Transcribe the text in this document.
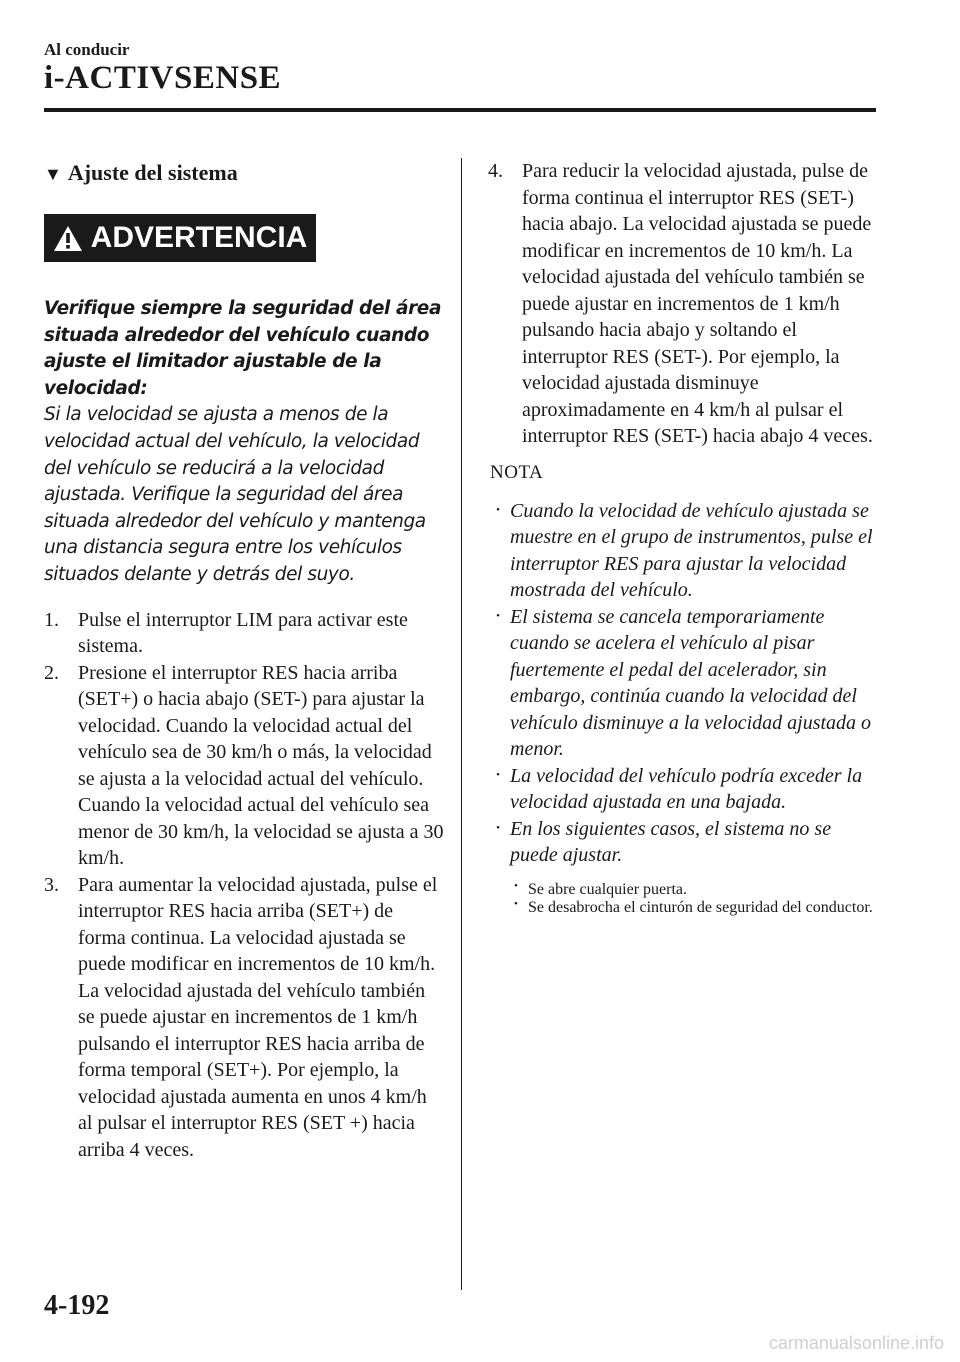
Al conducir
i-ACTIVSENSE
▼ Ajuste del sistema
ADVERTENCIA
Verifique siempre la seguridad del área situada alrededor del vehículo cuando ajuste el limitador ajustable de la velocidad:
Si la velocidad se ajusta a menos de la velocidad actual del vehículo, la velocidad del vehículo se reducirá a la velocidad ajustada. Verifique la seguridad del área situada alrededor del vehículo y mantenga una distancia segura entre los vehículos situados delante y detrás del suyo.
1. Pulse el interruptor LIM para activar este sistema.
2. Presione el interruptor RES hacia arriba (SET+) o hacia abajo (SET-) para ajustar la velocidad. Cuando la velocidad actual del vehículo sea de 30 km/h o más, la velocidad se ajusta a la velocidad actual del vehículo. Cuando la velocidad actual del vehículo sea menor de 30 km/h, la velocidad se ajusta a 30 km/h.
3. Para aumentar la velocidad ajustada, pulse el interruptor RES hacia arriba (SET+) de forma continua. La velocidad ajustada se puede modificar en incrementos de 10 km/h. La velocidad ajustada del vehículo también se puede ajustar en incrementos de 1 km/h pulsando el interruptor RES hacia arriba de forma temporal (SET+). Por ejemplo, la velocidad ajustada aumenta en unos 4 km/h al pulsar el interruptor RES (SET +) hacia arriba 4 veces.
4. Para reducir la velocidad ajustada, pulse de forma continua el interruptor RES (SET-) hacia abajo. La velocidad ajustada se puede modificar en incrementos de 10 km/h. La velocidad ajustada del vehículo también se puede ajustar en incrementos de 1 km/h pulsando hacia abajo y soltando el interruptor RES (SET-). Por ejemplo, la velocidad ajustada disminuye aproximadamente en 4 km/h al pulsar el interruptor RES (SET-) hacia abajo 4 veces.
NOTA
• Cuando la velocidad de vehículo ajustada se muestre en el grupo de instrumentos, pulse el interruptor RES para ajustar la velocidad mostrada del vehículo.
• El sistema se cancela temporariamente cuando se acelera el vehículo al pisar fuertemente el pedal del acelerador, sin embargo, continúa cuando la velocidad del vehículo disminuye a la velocidad ajustada o menor.
• La velocidad del vehículo podría exceder la velocidad ajustada en una bajada.
• En los siguientes casos, el sistema no se puede ajustar.
• Se abre cualquier puerta.
• Se desabrocha el cinturón de seguridad del conductor.
4-192
carmanualsonline.info
